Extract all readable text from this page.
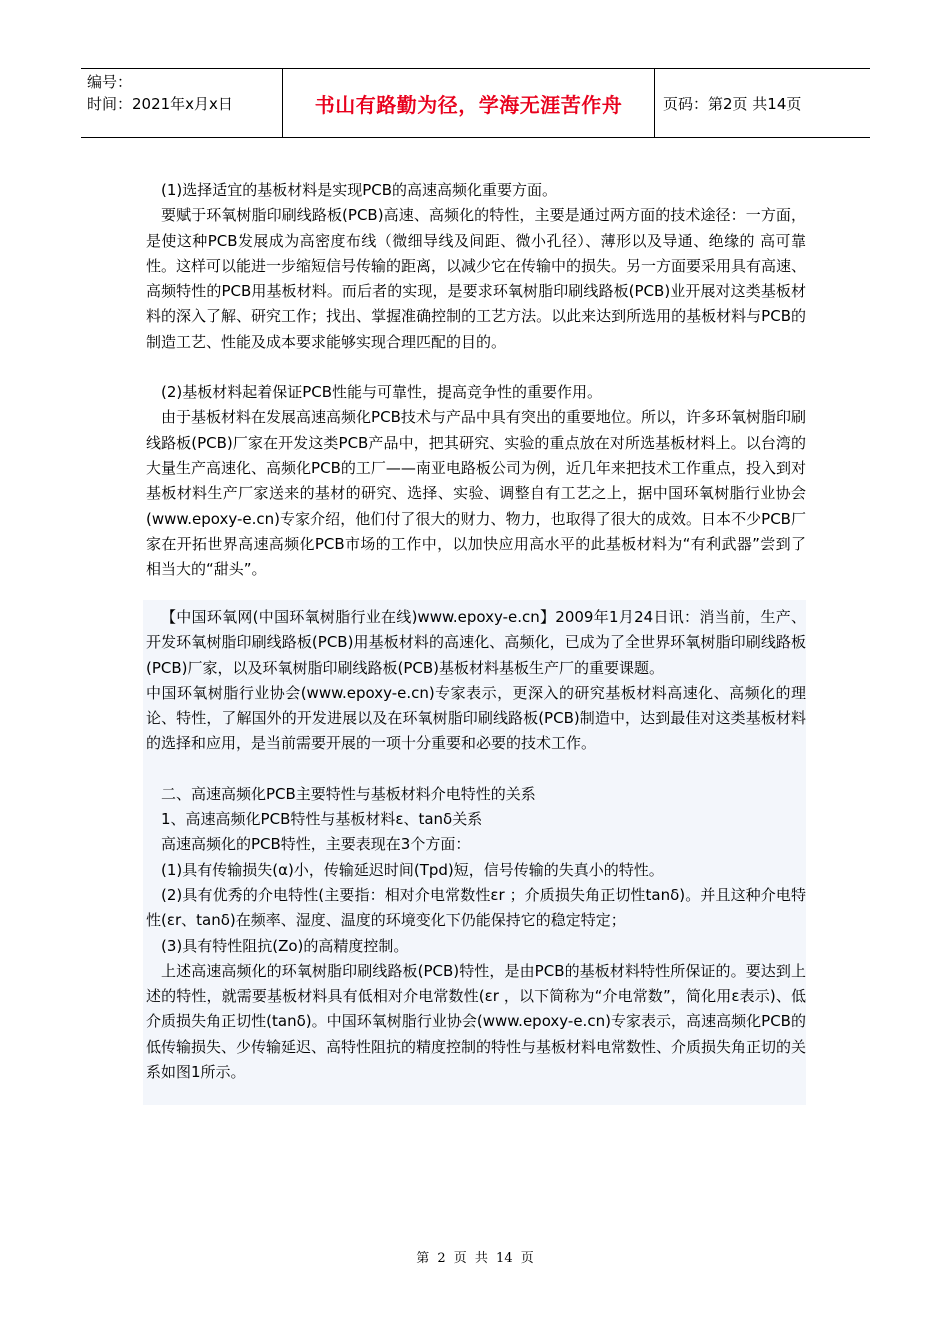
编号：
时间：2021年x月x日	书山有路勤为径，学海无涯苦作舟	页码：第2页 共14页

(1)选择适宜的基板材料是实现PCB的高速高频化重要方面。

要赋于环氧树脂印刷线路板(PCB)高速、高频化的特性，主要是通过两方面的技术途径：一方面，是使这种PCB发展成为高密度布线（微细导线及间距、微小孔径）、薄形以及导通、绝缘的 高可靠性。这样可以能进一步缩短信号传输的距离，以减少它在传输中的损失。另一方面要采用具有高速、高频特性的PCB用基板材料。而后者的实现，是要求环氧树脂印刷线路板(PCB)业开展对这类基板材料的深入了解、研究工作；找出、掌握准确控制的工艺方法。以此来达到所选用的基板材料与PCB的制造工艺、性能及成本要求能够实现合理匹配的目的。

(2)基板材料起着保证PCB性能与可靠性，提高竞争性的重要作用。

由于基板材料在发展高速高频化PCB技术与产品中具有突出的重要地位。所以，许多环氧树脂印刷线路板(PCB)厂家在开发这类PCB产品中，把其研究、实验的重点放在对所选基板材料上。以台湾的大量生产高速化、高频化PCB的工厂——南亚电路板公司为例，近几年来把技术工作重点，投入到对基板材料生产厂家送来的基材的研究、选择、实验、调整自有工艺之上，据中国环氧树脂行业协会(www.epoxy-e.cn)专家介绍，他们付了很大的财力、物力，也取得了很大的成效。日本不少PCB厂家在开拓世界高速高频化PCB市场的工作中，以加快应用高水平的此基板材料为“有利武器”尝到了相当大的“甜头”。

【中国环氧网(中国环氧树脂行业在线)www.epoxy-e.cn】2009年1月24日讯：消当前，生产、开发环氧树脂印刷线路板(PCB)用基板材料的高速化、高频化，已成为了全世界环氧树脂印刷线路板(PCB)厂家，以及环氧树脂印刷线路板(PCB)基板材料基板生产厂的重要课题。

中国环氧树脂行业协会(www.epoxy-e.cn)专家表示，更深入的研究基板材料高速化、高频化的理论、特性，了解国外的开发进展以及在环氧树脂印刷线路板(PCB)制造中，达到最佳对这类基板材料的选择和应用，是当前需要开展的一项十分重要和必要的技术工作。

二、高速高频化PCB主要特性与基板材料介电特性的关系

1、高速高频化PCB特性与基板材料ε、tanδ关系

高速高频化的PCB特性，主要表现在3个方面：

(1)具有传输损失(α)小，传输延迟时间(Tpd)短，信号传输的失真小的特性。

(2)具有优秀的介电特性(主要指：相对介电常数性εr ；介质损失角正切性tanδ)。并且这种介电特性(εr、tanδ)在频率、湿度、温度的环境变化下仍能保持它的稳定特定；

(3)具有特性阻抗(Zo)的高精度控制。

上述高速高频化的环氧树脂印刷线路板(PCB)特性，是由PCB的基板材料特性所保证的。要达到上述的特性，就需要基板材料具有低相对介电常数性(εr ，以下简称为“介电常数”，简化用ε表示)、低介质损失角正切性(tanδ)。中国环氧树脂行业协会(www.epoxy-e.cn)专家表示，高速高频化PCB的低传输损失、少传输延迟、高特性阻抗的精度控制的特性与基板材料电常数性、介质损失角正切的关系如图1所示。

第 2 页 共 14 页
